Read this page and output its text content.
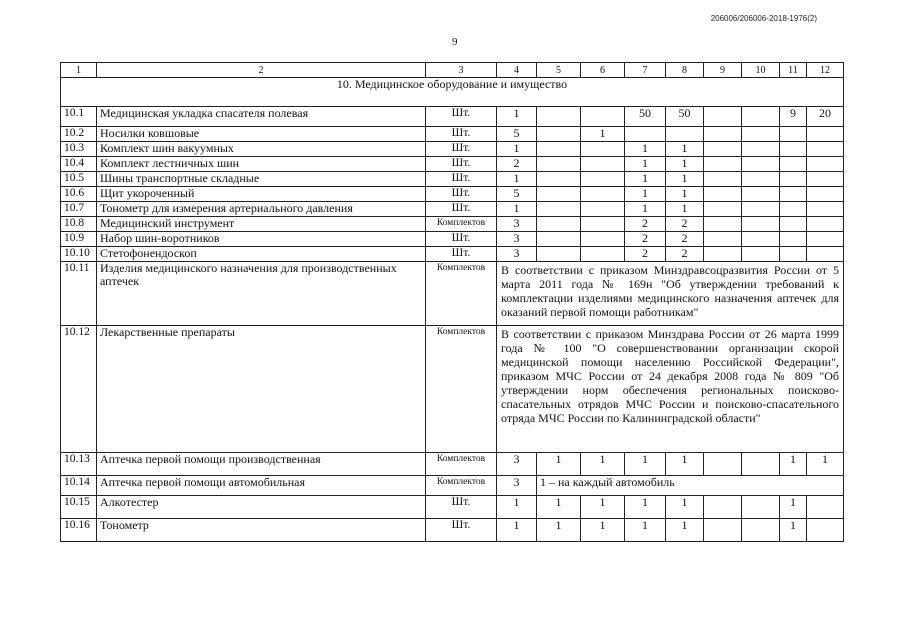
206006/206006-2018-1976(2)
9
1	2	3	4	5	6	7	8	9	10	11	12
10. Медицинское оборудование и имущество											
10.1	Медицинская укладка спасателя полевая	Шт.	1			50	50			9	20
10.2	Носилки ковшовые	Шт.	5		1						
10.3	Комплект шин вакуумных	Шт.	1			1	1				
10.4	Комплект лестничных шин	Шт.	2			1	1				
10.5	Шины транспортные складные	Шт.	1			1	1				
10.6	Щит укороченный	Шт.	5			1	1				
10.7	Тонометр для измерения артериального давления	Шт.	1			1	1				
10.8	Медицинский инструмент	Комплектов	3			2	2				
10.9	Набор шин-воротников	Шт.	3			2	2				
10.10	Стетофонендоскоп	Шт.	3			2	2				
10.11	Изделия медицинского назначения для производственных аптечек	Комплектов	В соответствии с приказом Минздравсоцразвития России от 5 марта 2011 года № 169н "Об утверждении требований к комплектации изделиями медицинского назначения аптечек для оказаний первой помощи работникам"								
10.12	Лекарственные препараты	Комплектов	В соответствии с приказом Минздрава России от 26 марта 1999 года № 100 "О совершенствовании организации скорой медицинской помощи населению Российской Федерации", приказом МЧС России от 24 декабря 2008 года № 809 "Об утверждении норм обеспечения региональных поисково-спасательных отрядов МЧС России и поисково-спасательного отряда МЧС России по Калининградской области"								
10.13	Аптечка первой помощи производственная	Комплектов	3	1	1	1	1			1	1
10.14	Аптечка первой помощи автомобильная	Комплектов	3	1 – на каждый автомобиль							
10.15	Алкотестер	Шт.	1	1	1	1	1			1	
10.16	Тонометр	Шт.	1	1	1	1	1			1	
